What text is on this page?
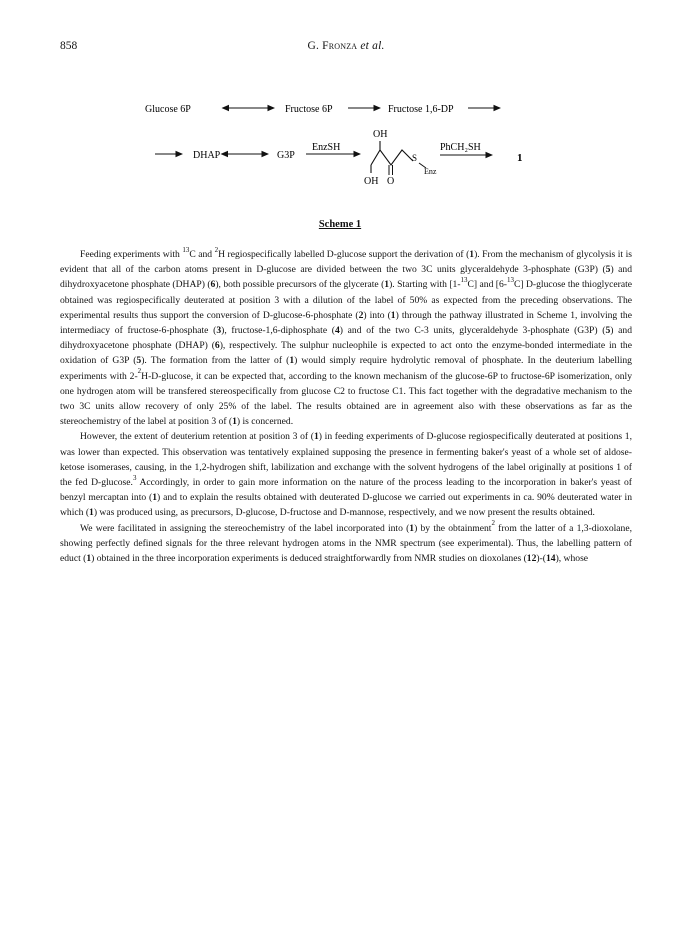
858	G. Fronza et al.
Glucose 6P	Fructose 6P	Fructose 1,6-DP
DHAP	G3P
EnzSH
OH
OH O
S
Enz
PhCH₂SH
1
Scheme 1

Feeding experiments with $^{13}$C and $^2$H regiospecifically labelled D-glucose support the derivation of (1). From the mechanism of glycolysis it is evident that all of the carbon atoms present in D-glucose are divided between the two 3C units glyceraldehyde 3-phosphate (G3P) (5) and dihydroxyacetone phosphate (DHAP) (6), both possible precursors of the glycerate (1). Starting with [1-$^{13}$C] and [6-$^{13}$C] D-glucose the thioglycerate obtained was regiospecifically deuterated at position 3 with a dilution of the label of 50% as expected from the preceding observations. The experimental results thus support the conversion of D-glucose-6-phosphate (2) into (1) through the pathway illustrated in Scheme 1, involving the intermediacy of fructose-6-phosphate (3), fructose-1,6-diphosphate (4) and of the two C-3 units, glyceraldehyde 3-phosphate (G3P) (5) and dihydroxyacetone phosphate (DHAP) (6), respectively. The sulphur nucleophile is expected to act onto the enzyme-bonded intermediate in the oxidation of G3P (5). The formation from the latter of (1) would simply require hydrolytic removal of phosphate. In the deuterium labelling experiments with 2-$^2$H-D-glucose, it can be expected that, according to the known mechanism of the glucose-6P to fructose-6P isomerization, only one hydrogen atom will be transfered stereospecifically from glucose C2 to fructose C1. This fact together with the degradative mechanism to the two 3C units allow recovery of only 25% of the label. The results obtained are in agreement also with these observations as far as the stereochemistry of the label at position 3 of (1) is concerned.

However, the extent of deuterium retention at position 3 of (1) in feeding experiments of D-glucose regiospecifically deuterated at positions 1, was lower than expected. This observation was tentatively explained supposing the presence in fermenting baker's yeast of a whole set of aldose-ketose isomerases, causing, in the 1,2-hydrogen shift, labilization and exchange with the solvent hydrogens of the label originally at positions 1 of the fed D-glucose.$^3$ Accordingly, in order to gain more information on the nature of the process leading to the incorporation in baker's yeast of benzyl mercaptan into (1) and to explain the results obtained with deuterated D-glucose we carried out experiments in ca. 90% deuterated water in which (1) was produced using, as precursors, D-glucose, D-fructose and D-mannose, respectively, and we now present the results obtained.

We were facilitated in assigning the stereochemistry of the label incorporated into (1) by the obtainment$^2$ from the latter of a 1,3-dioxolane, showing perfectly defined signals for the three relevant hydrogen atoms in the NMR spectrum (see experimental). Thus, the labelling pattern of educt (1) obtained in the three incorporation experiments is deduced straightforwardly from NMR studies on dioxolanes (12)-(14), whose
